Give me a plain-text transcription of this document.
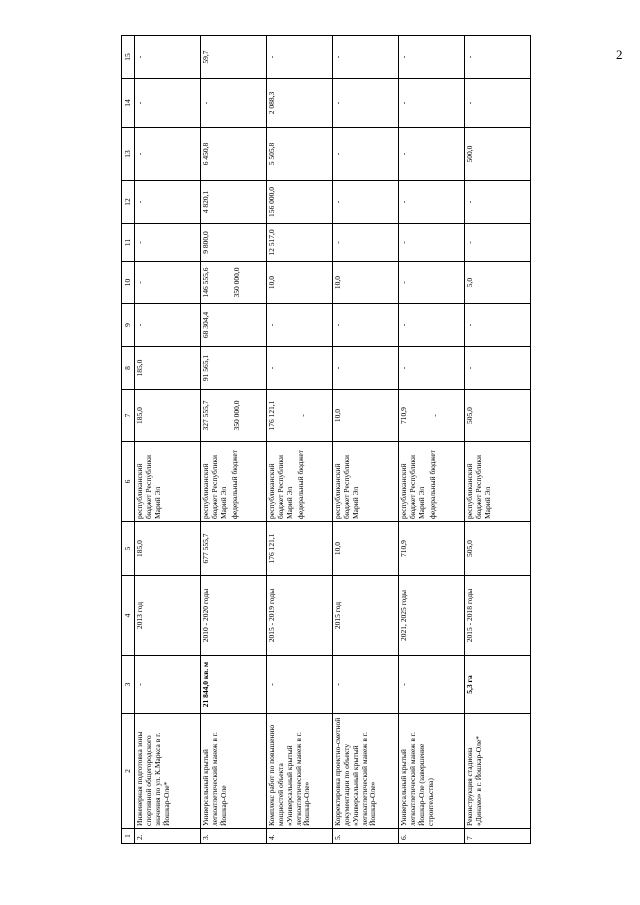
2
1	2	3	4	5	6	7	8	9	10	11	12	13	14	15
2.	Инженерная подготовка зоны спортивной общегородского значения по ул. К.Маркса в г. Йошкар-Оле*	-	2013 год	185,0	республиканский бюджет Республики Марий Эл	185,0	185,0	-	-	-	-	-	-	-

3.	Универсальный крытый легкоатлетический манеж в г. Йошкар-Оле	21 844,0 кв. м	2010 - 2020 годы	677 555,7	республиканский бюджет Республики Марий Эл федеральный бюджет	327 555,7 350 000,0	91 565,1	68 304,4	146 555,6 350 000,0	9 800,0	4 820,1	6 450,8	-	59,7

4.	Комплекс работ по повышению мощностей объекта «Универсальный крытый легкоатлетический манеж в г. Йошкар-Оле»	-	2015 - 2019 годы	176 121,1	республиканский бюджет Республики Марий Эл федеральный бюджет	176 121,1 -	-	-	10,0	12 517,0	156 000,0	5 505,8	2 088,3	-

5.	Корректировка проектно-сметной документации по объекту «Универсальный крытый легкоатлетический манеж в г. Йошкар-Оле»	-	2015 год	10,0	республиканский бюджет Республики Марий Эл	10,0	-	-	10,0	-	-	-	-	-

6.	Универсальный крытый легкоатлетический манеж в г. Йошкар-Оле (завершение строительства)	-	2021, 2025 годы	710,9	республиканский бюджет Республики Марий Эл федеральный бюджет	710,9 -	-	-	-	-	-	-	-	-

7	Реконструкция стадиона «Динамо» в г. Йошкар-Оле*	5,3 га	2015 - 2018 годы	505,0	республиканский бюджет Республики Марий Эл	505,0	-	-	5,0	-	-	500,0	-	-
